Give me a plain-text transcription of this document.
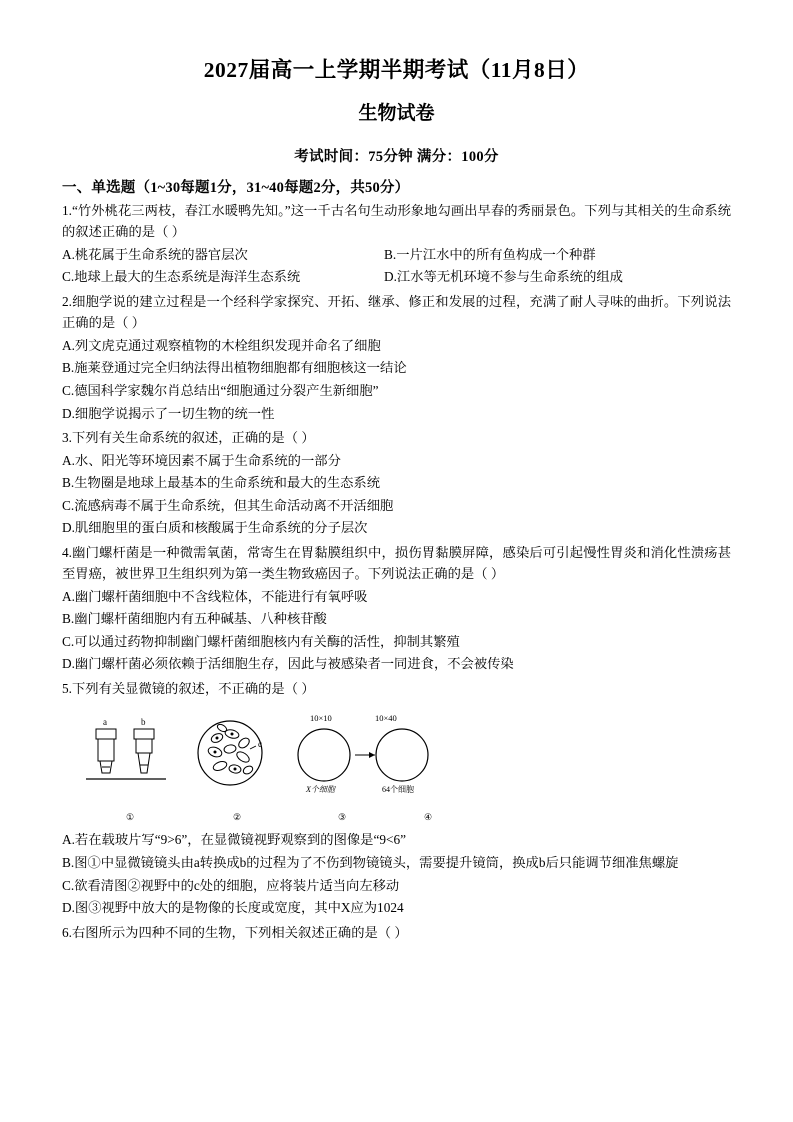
2027届高一上学期半期考试（11月8日）
生物试卷
考试时间：75分钟 满分：100分
一、单选题（1~30每题1分，31~40每题2分，共50分）
1.“竹外桃花三两枝，春江水暖鸭先知。”这一千古名句生动形象地勾画出早春的秀丽景色。下列与其相关的生命系统的叙述正确的是（ ）
A.桃花属于生命系统的器官层次	B.一片江水中的所有鱼构成一个种群
C.地球上最大的生态系统是海洋生态系统	D.江水等无机环境不参与生命系统的组成
2.细胞学说的建立过程是一个经科学家探究、开拓、继承、修正和发展的过程，充满了耐人寻味的曲折。下列说法正确的是（ ）
A.列文虎克通过观察植物的木栓组织发现并命名了细胞
B.施莱登通过完全归纳法得出植物细胞都有细胞核这一结论
C.德国科学家魏尔肖总结出“细胞通过分裂产生新细胞”
D.细胞学说揭示了一切生物的统一性
3.下列有关生命系统的叙述，正确的是（ ）
A.水、阳光等环境因素不属于生命系统的一部分
B.生物圈是地球上最基本的生命系统和最大的生态系统
C.流感病毒不属于生命系统，但其生命活动离不开活细胞
D.肌细胞里的蛋白质和核酸属于生命系统的分子层次
4.幽门螺杆菌是一种微需氧菌，常寄生在胃黏膜组织中，损伤胃黏膜屏障，感染后可引起慢性胃炎和消化性溃疡甚至胃癌，被世界卫生组织列为第一类生物致癌因子。下列说法正确的是（ ）
A.幽门螺杆菌细胞中不含线粒体，不能进行有氧呼吸
B.幽门螺杆菌细胞内有五种碱基、八种核苷酸
C.可以通过药物抑制幽门螺杆菌细胞核内有关酶的活性，抑制其繁殖
D.幽门螺杆菌必须依赖于活细胞生存，因此与被感染者一同进食，不会被传染
5.下列有关显微镜的叙述，不正确的是（ ）
a	b
c
10×10
X个细胞
10×40
64个细胞
①	②	③	④
A.若在载玻片写“9>6”，在显微镜视野观察到的图像是“9<6”
B.图①中显微镜镜头由a转换成b的过程为了不伤到物镜镜头，需要提升镜筒，换成b后只能调节细准焦螺旋
C.欲看清图②视野中的c处的细胞，应将装片适当向左移动
D.图③视野中放大的是物像的长度或宽度，其中X应为1024
6.右图所示为四种不同的生物，下列相关叙述正确的是（ ）
